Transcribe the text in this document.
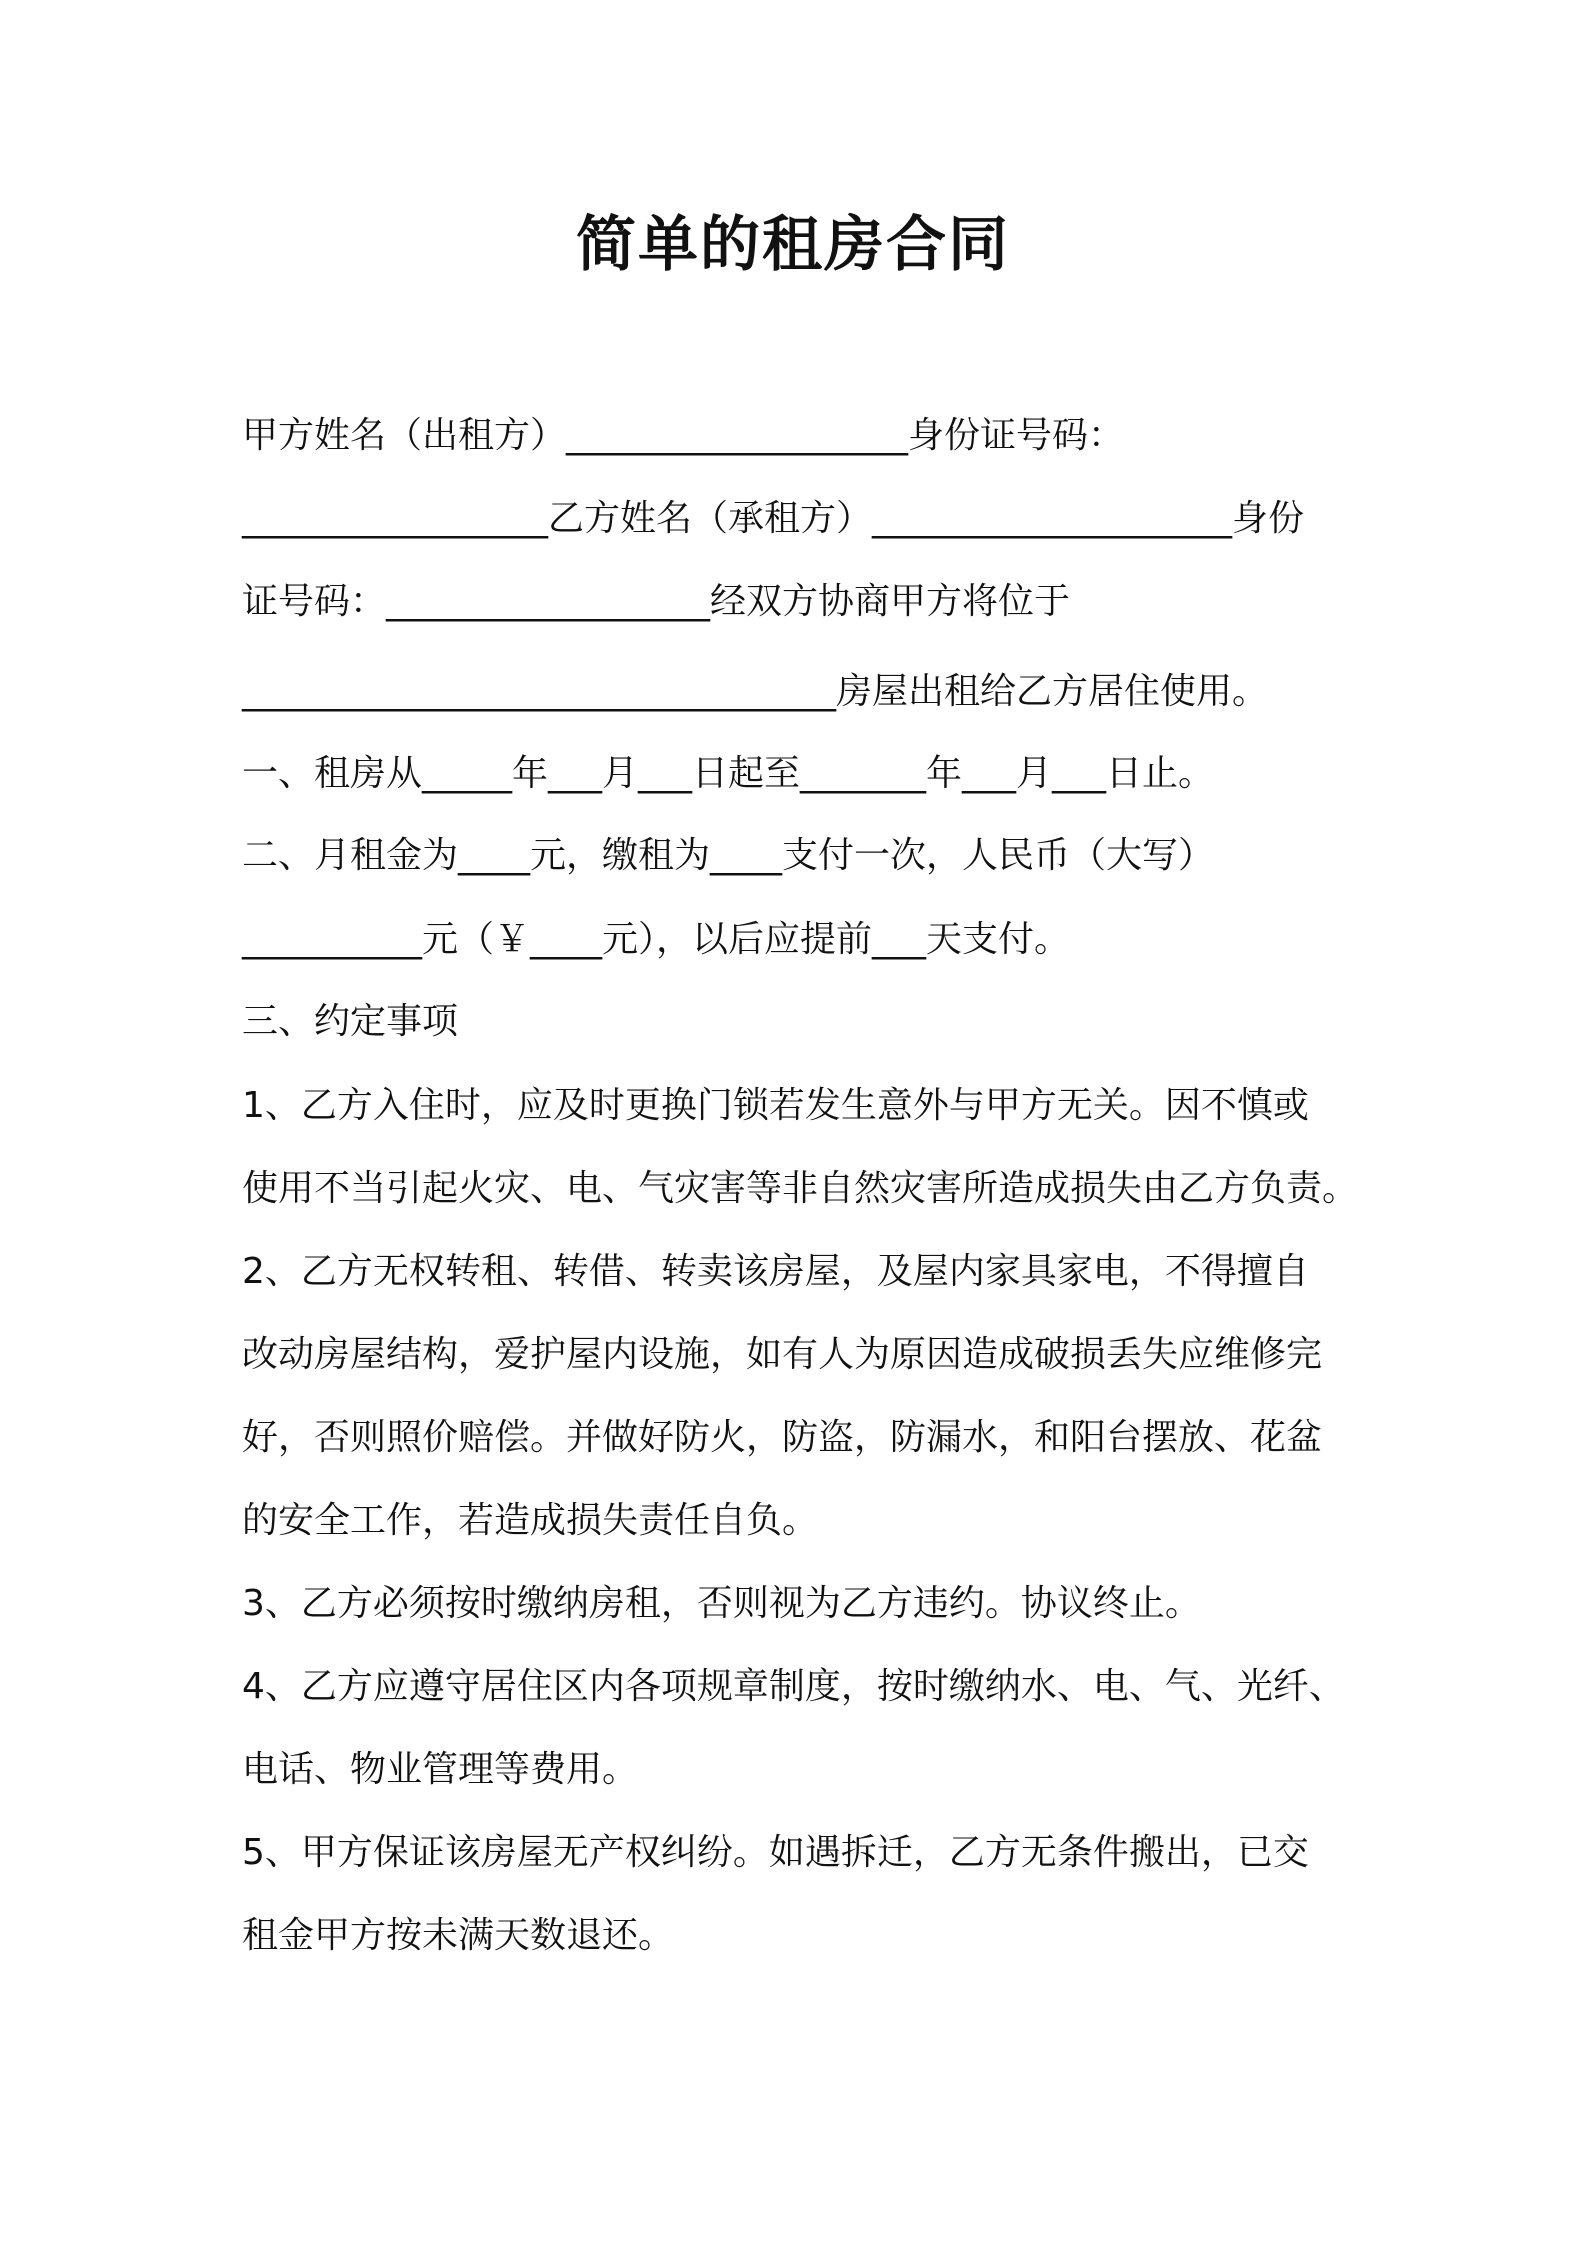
简单的租房合同
甲方姓名（出租方）___________________身份证号码：
_________________乙方姓名（承租方）____________________身份
证号码：__________________经双方协商甲方将位于
_________________________________房屋出租给乙方居住使用。
一、租房从_____年___月___日起至_______年___月___日止。
二、月租金为____元，缴租为____支付一次，人民币（大写）
__________元（￥____元），以后应提前___天支付。
三、约定事项
1、乙方入住时，应及时更换门锁若发生意外与甲方无关。因不慎或
使用不当引起火灾、电、气灾害等非自然灾害所造成损失由乙方负责。
2、乙方无权转租、转借、转卖该房屋，及屋内家具家电，不得擅自
改动房屋结构，爱护屋内设施，如有人为原因造成破损丢失应维修完
好，否则照价赔偿。并做好防火，防盗，防漏水，和阳台摆放、花盆
的安全工作，若造成损失责任自负。
3、乙方必须按时缴纳房租，否则视为乙方违约。协议终止。
4、乙方应遵守居住区内各项规章制度，按时缴纳水、电、气、光纤、
电话、物业管理等费用。
5、甲方保证该房屋无产权纠纷。如遇拆迁，乙方无条件搬出，已交
租金甲方按未满天数退还。
